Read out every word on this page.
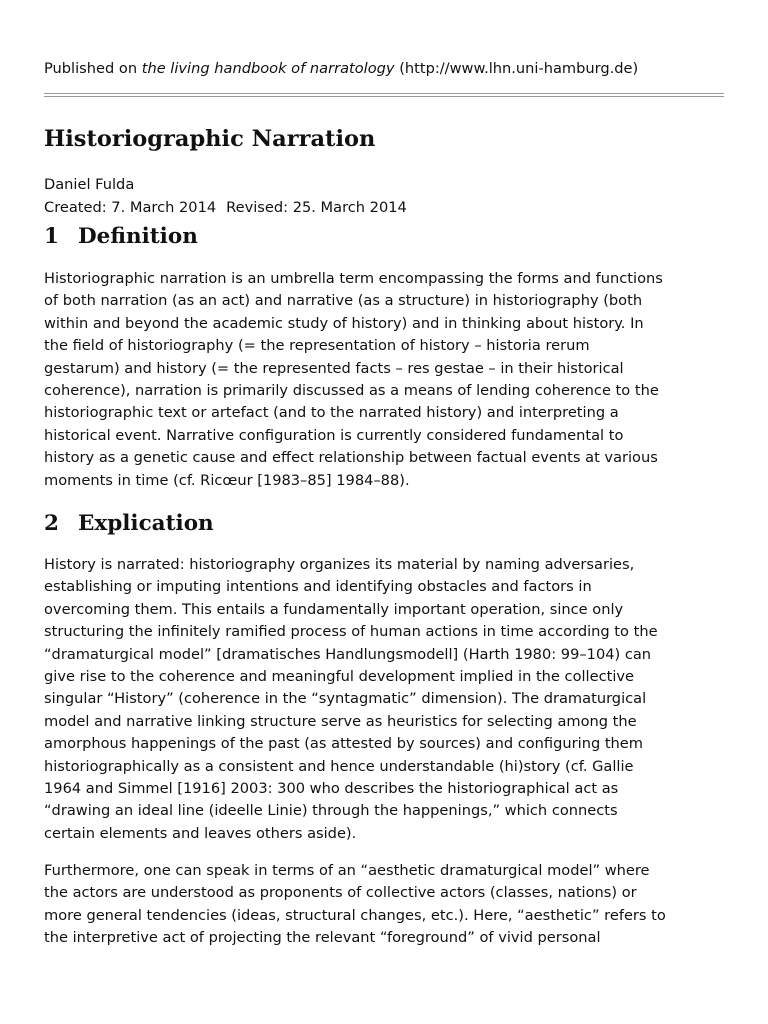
Published on the living handbook of narratology (http://www.lhn.uni-hamburg.de)
Historiographic Narration
Daniel Fulda
Created: 7. March 2014 Revised: 25. March 2014
1 Definition

Historiographic narration is an umbrella term encompassing the forms and functions
of both narration (as an act) and narrative (as a structure) in historiography (both
within and beyond the academic study of history) and in thinking about history. In
the field of historiography (= the representation of history – historia rerum
gestarum) and history (= the represented facts – res gestae – in their historical
coherence), narration is primarily discussed as a means of lending coherence to the
historiographic text or artefact (and to the narrated history) and interpreting a
historical event. Narrative configuration is currently considered fundamental to
history as a genetic cause and effect relationship between factual events at various
moments in time (cf. Ricœur [1983–85] 1984–88).

2 Explication

History is narrated: historiography organizes its material by naming adversaries,
establishing or imputing intentions and identifying obstacles and factors in
overcoming them. This entails a fundamentally important operation, since only
structuring the infinitely ramified process of human actions in time according to the
“dramaturgical model” [dramatisches Handlungsmodell] (Harth 1980: 99–104) can
give rise to the coherence and meaningful development implied in the collective
singular “History” (coherence in the “syntagmatic” dimension). The dramaturgical
model and narrative linking structure serve as heuristics for selecting among the
amorphous happenings of the past (as attested by sources) and configuring them
historiographically as a consistent and hence understandable (hi)story (cf. Gallie
1964 and Simmel [1916] 2003: 300 who describes the historiographical act as
“drawing an ideal line (ideelle Linie) through the happenings,” which connects
certain elements and leaves others aside).

Furthermore, one can speak in terms of an “aesthetic dramaturgical model” where
the actors are understood as proponents of collective actors (classes, nations) or
more general tendencies (ideas, structural changes, etc.). Here, “aesthetic” refers to
the interpretive act of projecting the relevant “foreground” of vivid personal
